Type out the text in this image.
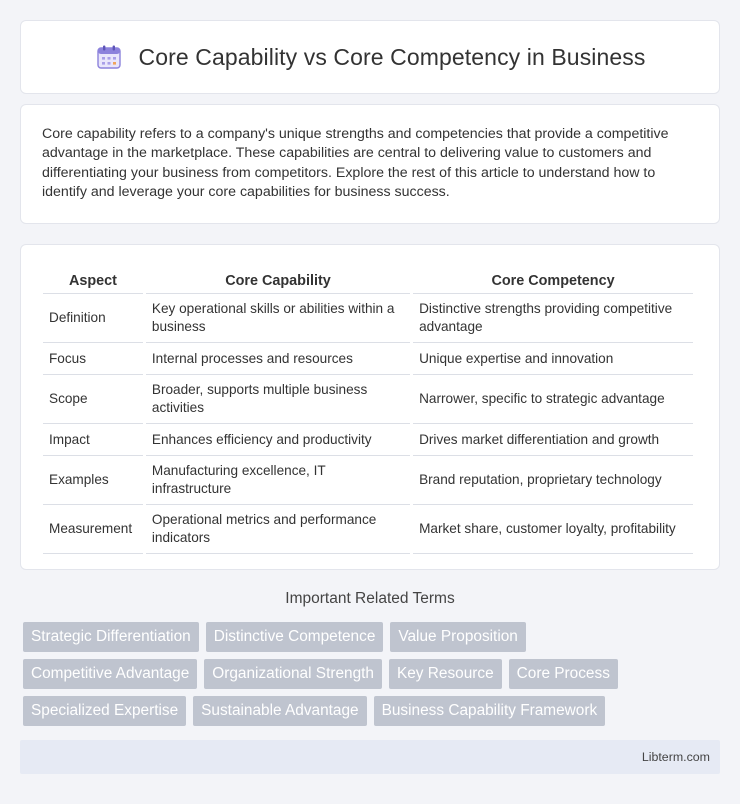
Core Capability vs Core Competency in Business

Core capability refers to a company's unique strengths and competencies that provide a competitive advantage in the marketplace. These capabilities are central to delivering value to customers and differentiating your business from competitors. Explore the rest of this article to understand how to identify and leverage your core capabilities for business success.

Aspect	Core Capability	Core Competency
Definition	Key operational skills or abilities within a business	Distinctive strengths providing competitive advantage
Focus	Internal processes and resources	Unique expertise and innovation
Scope	Broader, supports multiple business activities	Narrower, specific to strategic advantage
Impact	Enhances efficiency and productivity	Drives market differentiation and growth
Examples	Manufacturing excellence, IT infrastructure	Brand reputation, proprietary technology
Measurement	Operational metrics and performance indicators	Market share, customer loyalty, profitability
Important Related Terms
Strategic Differentiation	Distinctive Competence	Value Proposition
Competitive Advantage	Organizational Strength	Key Resource	Core Process
Specialized Expertise	Sustainable Advantage	Business Capability Framework
Libterm.com
